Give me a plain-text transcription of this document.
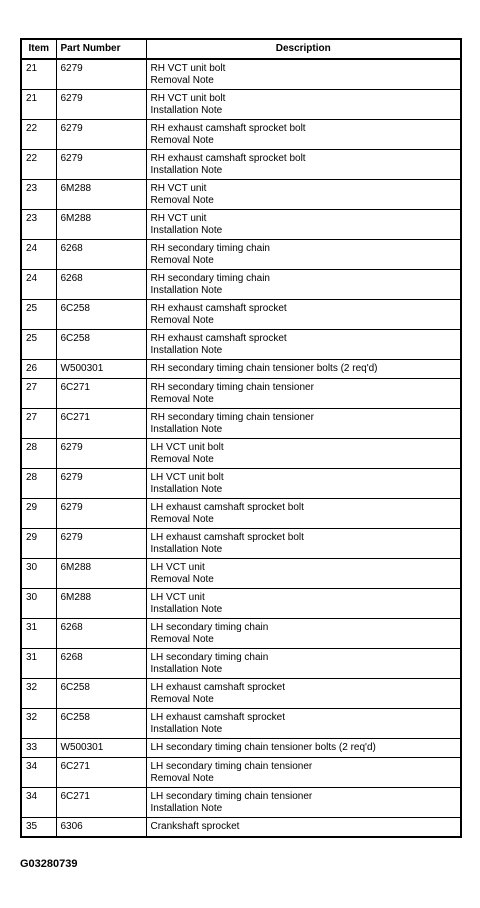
Item	Part Number	Description
21	6279	RH VCT unit bolt
Removal Note

21	6279	RH VCT unit bolt
Installation Note

22	6279	RH exhaust camshaft sprocket bolt
Removal Note

22	6279	RH exhaust camshaft sprocket bolt
Installation Note

23	6M288	RH VCT unit
Removal Note

23	6M288	RH VCT unit
Installation Note

24	6268	RH secondary timing chain
Removal Note

24	6268	RH secondary timing chain
Installation Note

25	6C258	RH exhaust camshaft sprocket
Removal Note

25	6C258	RH exhaust camshaft sprocket
Installation Note

26	W500301	RH secondary timing chain tensioner bolts (2 req'd)

27	6C271	RH secondary timing chain tensioner
Removal Note

27	6C271	RH secondary timing chain tensioner
Installation Note

28	6279	LH VCT unit bolt
Removal Note

28	6279	LH VCT unit bolt
Installation Note

29	6279	LH exhaust camshaft sprocket bolt
Removal Note

29	6279	LH exhaust camshaft sprocket bolt
Installation Note

30	6M288	LH VCT unit
Removal Note

30	6M288	LH VCT unit
Installation Note

31	6268	LH secondary timing chain
Removal Note

31	6268	LH secondary timing chain
Installation Note

32	6C258	LH exhaust camshaft sprocket
Removal Note

32	6C258	LH exhaust camshaft sprocket
Installation Note

33	W500301	LH secondary timing chain tensioner bolts (2 req'd)

34	6C271	LH secondary timing chain tensioner
Removal Note

34	6C271	LH secondary timing chain tensioner
Installation Note

35	6306	Crankshaft sprocket
G03280739
